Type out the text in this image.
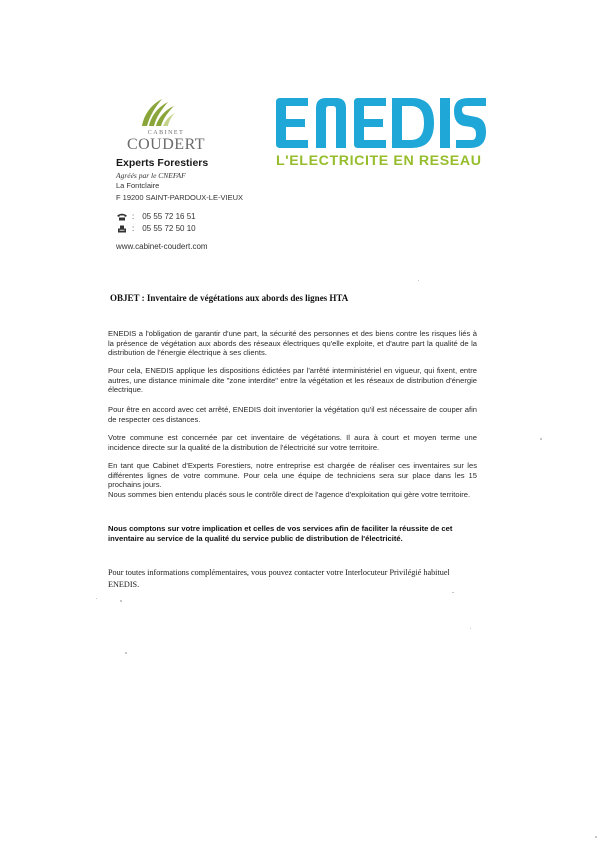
CABINET
COUDERT
Experts Forestiers
Agréés par le CNEFAF
La Fontclaire
F 19200 SAINT-PARDOUX-LE-VIEUX
: 05 55 72 16 51
: 05 55 72 50 10
www.cabinet-coudert.com
L'ELECTRICITE EN RESEAU
OBJET : Inventaire de végétations aux abords des lignes HTA

ENEDIS a l'obligation de garantir d'une part, la sécurité des personnes et des biens contre les risques liés à la présence de végétation aux abords des réseaux électriques qu'elle exploite, et d'autre part la qualité de la distribution de l'énergie électrique à ses clients.

Pour cela, ENEDIS applique les dispositions édictées par l'arrêté interministériel en vigueur, qui fixent, entre autres, une distance minimale dite "zone interdite" entre la végétation et les réseaux de distribution d'énergie électrique.

Pour être en accord avec cet arrêté, ENEDIS doit inventorier la végétation qu'il est nécessaire de couper afin de respecter ces distances.

Votre commune est concernée par cet inventaire de végétations. Il aura à court et moyen terme une incidence directe sur la qualité de la distribution de l'électricité sur votre territoire.

En tant que Cabinet d'Experts Forestiers, notre entreprise est chargée de réaliser ces inventaires sur les différentes lignes de votre commune. Pour cela une équipe de techniciens sera sur place dans les 15 prochains jours.
Nous sommes bien entendu placés sous le contrôle direct de l'agence d'exploitation qui gère votre territoire.

Nous comptons sur votre implication et celles de vos services afin de faciliter la réussite de cet inventaire au service de la qualité du service public de distribution de l'électricité.

Pour toutes informations complémentaires, vous pouvez contacter votre Interlocuteur Privilégié habituel ENEDIS.
